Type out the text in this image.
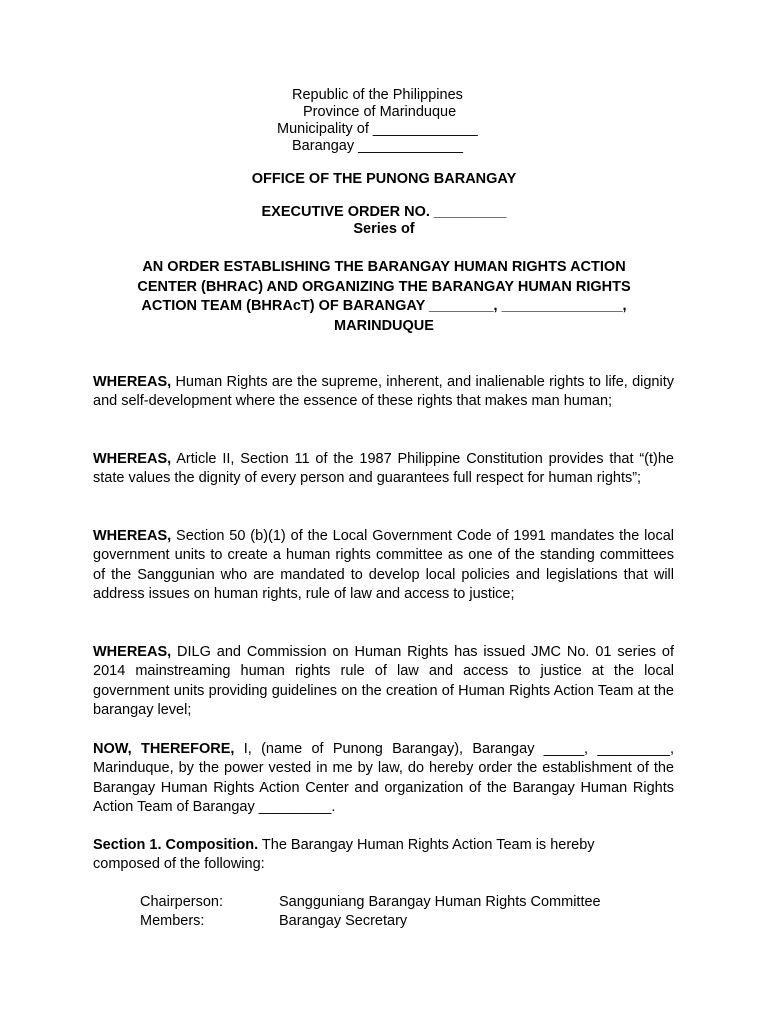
Republic of the Philippines
Province of Marinduque
Municipality of _____________
Barangay _____________
OFFICE OF THE PUNONG BARANGAY
EXECUTIVE ORDER NO. _________
Series of
AN ORDER ESTABLISHING THE BARANGAY HUMAN RIGHTS ACTION
CENTER (BHRAC) AND ORGANIZING THE BARANGAY HUMAN RIGHTS
ACTION TEAM (BHRAcT) OF BARANGAY ________, _______________,
MARINDUQUE

WHEREAS, Human Rights are the supreme, inherent, and inalienable rights to life, dignity and self-development where the essence of these rights that makes man human;

WHEREAS, Article II, Section 11 of the 1987 Philippine Constitution provides that “(t)he state values the dignity of every person and guarantees full respect for human rights”;

WHEREAS, Section 50 (b)(1) of the Local Government Code of 1991 mandates the local government units to create a human rights committee as one of the standing committees of the Sanggunian who are mandated to develop local policies and legislations that will address issues on human rights, rule of law and access to justice;

WHEREAS, DILG and Commission on Human Rights has issued JMC No. 01 series of 2014 mainstreaming human rights rule of law and access to justice at the local government units providing guidelines on the creation of Human Rights Action Team at the barangay level;

NOW, THEREFORE, I, (name of Punong Barangay), Barangay _____, _________, Marinduque, by the power vested in me by law, do hereby order the establishment of the Barangay Human Rights Action Center and organization of the Barangay Human Rights Action Team of Barangay _________.

Section 1. Composition. The Barangay Human Rights Action Team is hereby composed of the following:

Chairperson:	Sangguniang Barangay Human Rights Committee
Members:	Barangay Secretary
